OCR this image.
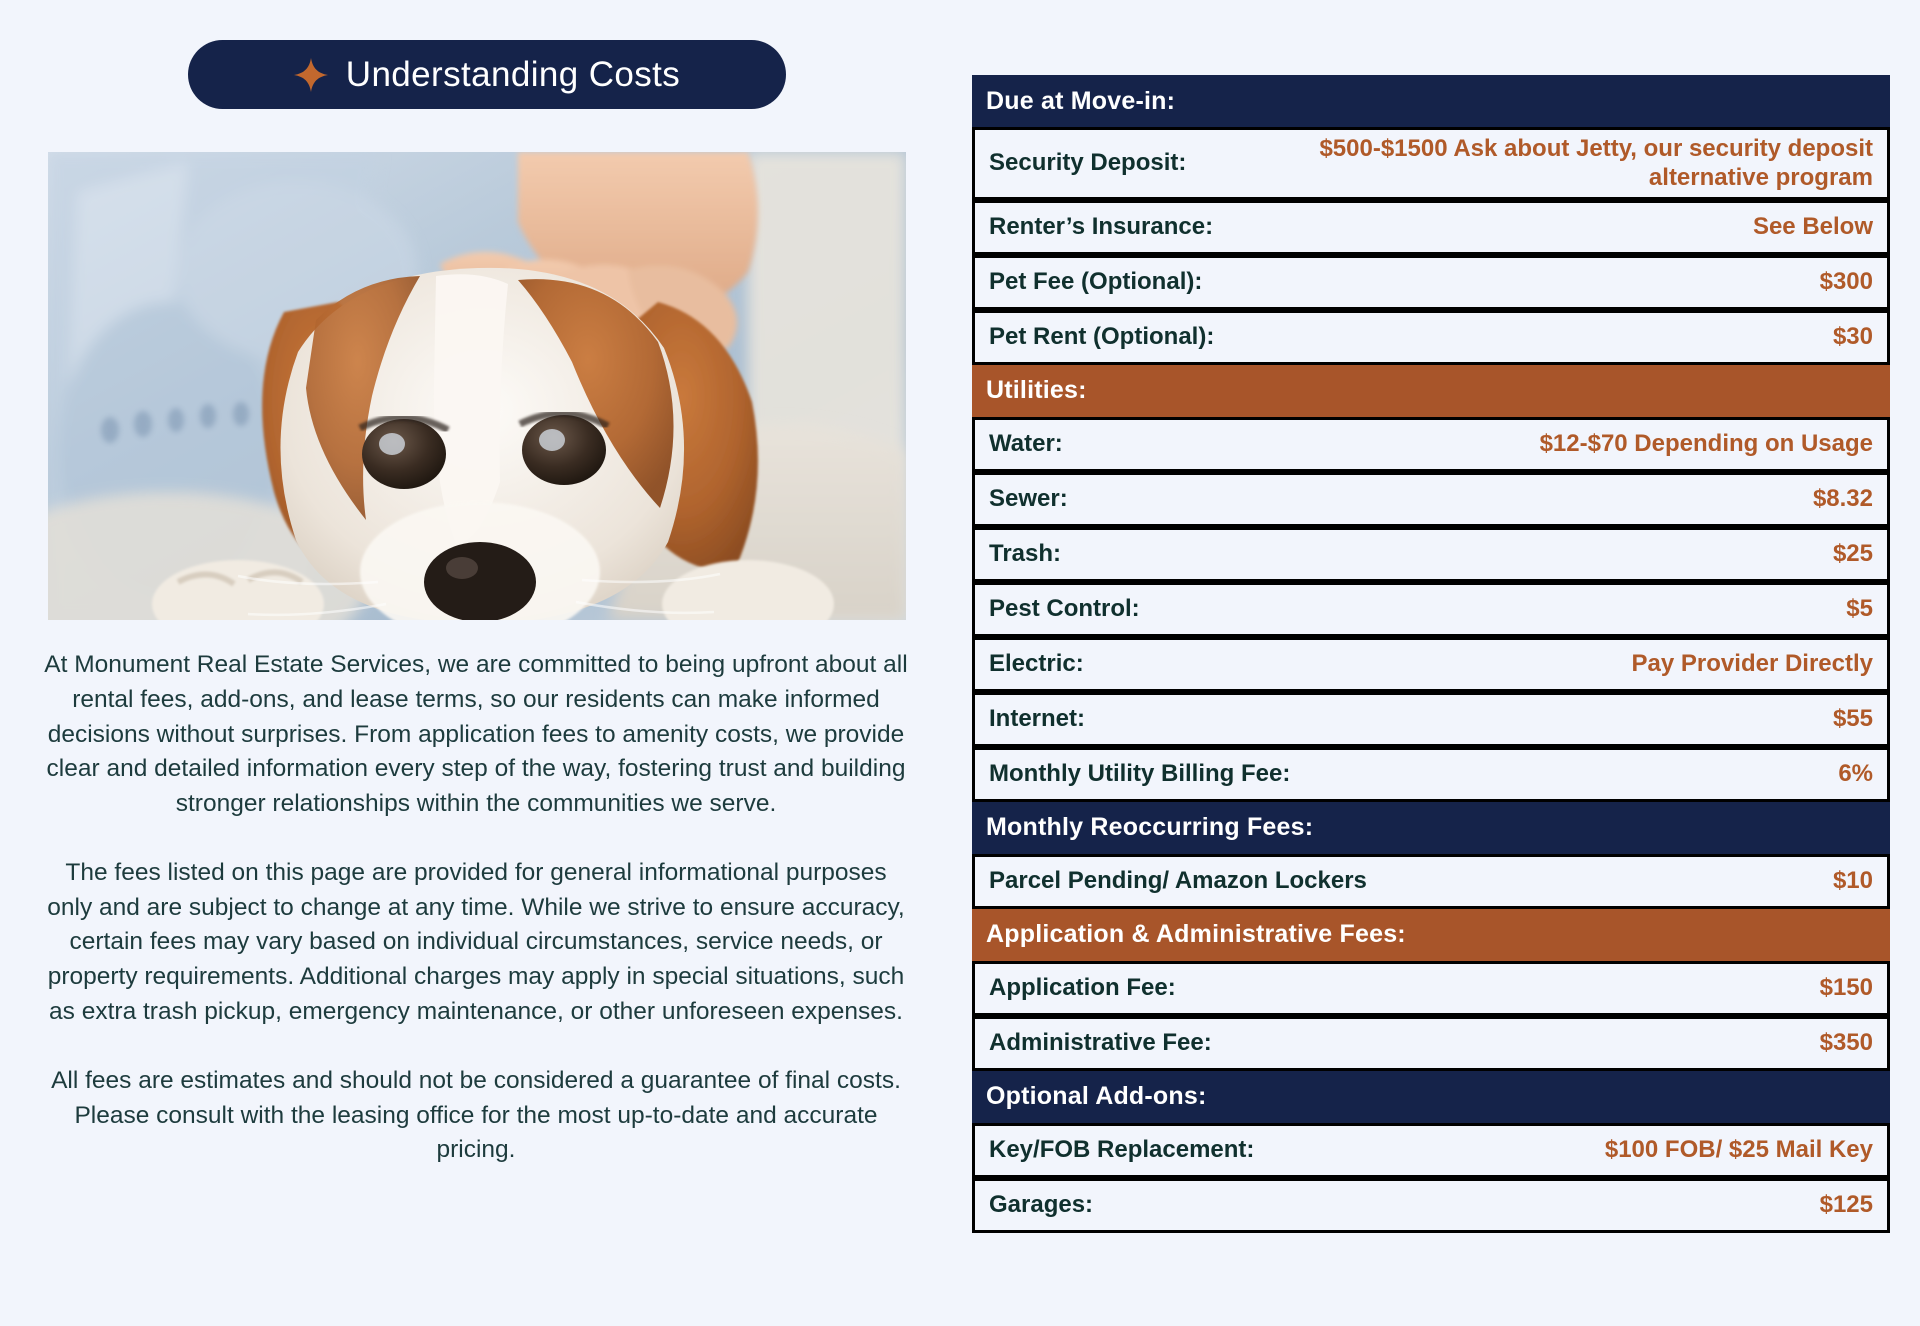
Understanding Costs

At Monument Real Estate Services, we are committed to being upfront about all rental fees, add-ons, and lease terms, so our residents can make informed decisions without surprises. From application fees to amenity costs, we provide clear and detailed information every step of the way, fostering trust and building stronger relationships within the communities we serve.

The fees listed on this page are provided for general informational purposes only and are subject to change at any time. While we strive to ensure accuracy, certain fees may vary based on individual circumstances, service needs, or property requirements. Additional charges may apply in special situations, such as extra trash pickup, emergency maintenance, or other unforeseen expenses.

All fees are estimates and should not be considered a guarantee of final costs. Please consult with the leasing office for the most up-to-date and accurate pricing.

Due at Move-in:
Security Deposit:
$500-$1500 Ask about Jetty, our security deposit alternative program
Renter’s Insurance:	See Below
Pet Fee (Optional):	$300
Pet Rent (Optional):	$30
Utilities:
Water:	$12-$70 Depending on Usage
Sewer:	$8.32
Trash:	$25
Pest Control:	$5
Electric:	Pay Provider Directly
Internet:	$55
Monthly Utility Billing Fee:	6%
Monthly Reoccurring Fees:
Parcel Pending/ Amazon Lockers	$10
Application & Administrative Fees:
Application Fee:	$150
Administrative Fee:	$350
Optional Add-ons:
Key/FOB Replacement:	$100 FOB/ $25 Mail Key
Garages:	$125
